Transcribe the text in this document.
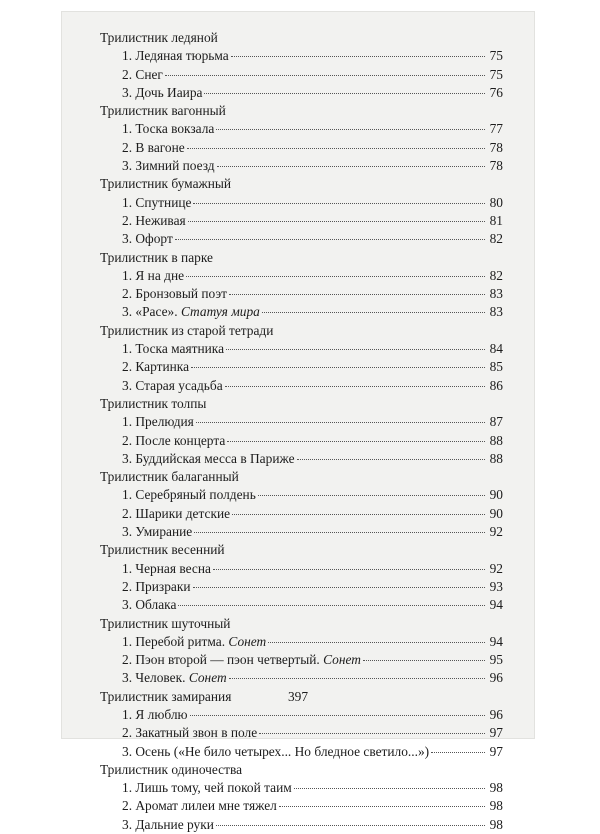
Трилистник ледяной
1. Ледяная тюрьма	75
2. Снег	75
3. Дочь Иаира	76
Трилистник вагонный
1. Тоска вокзала	77
2. В вагоне	78
3. Зимний поезд	78
Трилистник бумажный
1. Спутнице	80
2. Неживая	81
3. Офорт	82
Трилистник в парке
1. Я на дне	82
2. Бронзовый поэт	83
3. «Расе». Статуя мира	83
Трилистник из старой тетради
1. Тоска маятника	84
2. Картинка	85
3. Старая усадьба	86
Трилистник толпы
1. Прелюдия	87
2. После концерта	88
3. Буддийская месса в Париже	88
Трилистник балаганный
1. Серебряный полдень	90
2. Шарики детские	90
3. Умирание	92
Трилистник весенний
1. Черная весна	92
2. Призраки	93
3. Облака	94
Трилистник шуточный
1. Перебой ритма. Сонет	94
2. Пэон второй — пэон четвертый. Сонет	95
3. Человек. Сонет	96
Трилистник замирания
1. Я люблю	96
2. Закатный звон в поле	97
3. Осень («Не било четырех... Но бледное светило...»)	97
Трилистник одиночества
1. Лишь тому, чей покой таим	98
2. Аромат лилеи мне тяжел	98
3. Дальние руки	98
397
